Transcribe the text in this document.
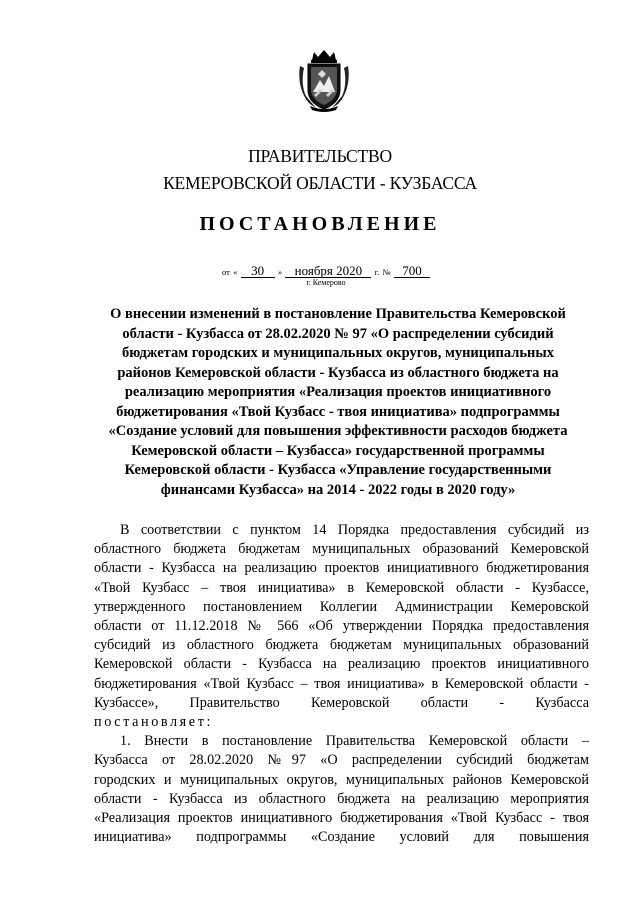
ПРАВИТЕЛЬСТВО
КЕМЕРОВСКОЙ ОБЛАСТИ - КУЗБАССА
ПОСТАНОВЛЕНИЕ
от « 30 » ноября 2020 г. № 700
г. Кемерово
О внесении изменений в постановление Правительства Кемеровской
области - Кузбасса от 28.02.2020 № 97 «О распределении субсидий
бюджетам городских и муниципальных округов, муниципальных
районов Кемеровской области - Кузбасса из областного бюджета на
реализацию мероприятия «Реализация проектов инициативного
бюджетирования «Твой Кузбасс - твоя инициатива» подпрограммы
«Создание условий для повышения эффективности расходов бюджета
Кемеровской области – Кузбасса» государственной программы
Кемеровской области - Кузбасса «Управление государственными
финансами Кузбасса» на 2014 - 2022 годы в 2020 году»
В соответствии с пунктом 14 Порядка предоставления субсидий из
областного бюджета бюджетам муниципальных образований Кемеровской
области - Кузбасса на реализацию проектов инициативного бюджетирования
«Твой Кузбасс – твоя инициатива» в Кемеровской области - Кузбассе,
утвержденного постановлением Коллегии Администрации Кемеровской
области от 11.12.2018 № 566 «Об утверждении Порядка предоставления
субсидий из областного бюджета бюджетам муниципальных образований
Кемеровской области - Кузбасса на реализацию проектов инициативного
бюджетирования «Твой Кузбасс – твоя инициатива» в Кемеровской области -
Кузбассе», Правительство Кемеровской области - Кузбасса
постановляет:
1. Внести в постановление Правительства Кемеровской области –
Кузбасса от 28.02.2020 №97 «О распределении субсидий бюджетам
городских и муниципальных округов, муниципальных районов Кемеровской
области - Кузбасса из областного бюджета на реализацию мероприятия
«Реализация проектов инициативного бюджетирования «Твой Кузбасс - твоя
инициатива» подпрограммы «Создание условий для повышения
